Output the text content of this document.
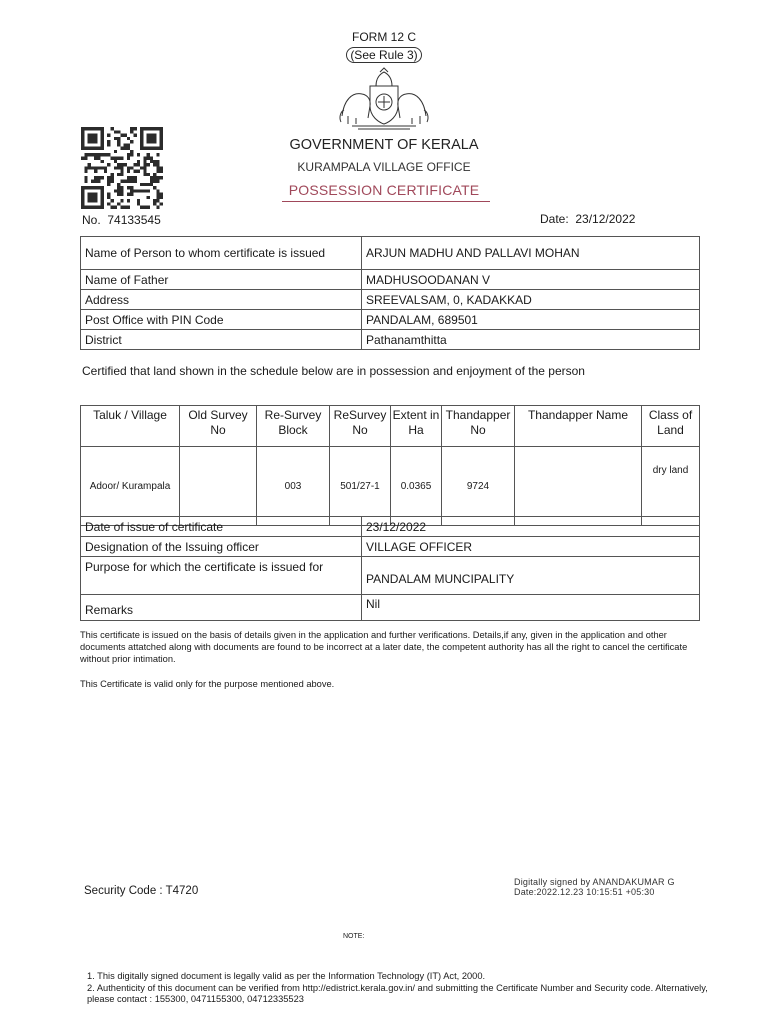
FORM 12 C
(See Rule 3)
GOVERNMENT OF KERALA
KURAMPALA VILLAGE OFFICE
POSSESSION CERTIFICATE
No. 74133545	Date: 23/12/2022
Name of Person to whom certificate is issued	ARJUN MADHU AND PALLAVI MOHAN
Name of Father	MADHUSOODANAN V
Address	SREEVALSAM, 0, KADAKKAD
Post Office with PIN Code	PANDALAM, 689501
District	Pathanamthitta
Certified that land shown in the schedule below are in possession and enjoyment of the person
Taluk / Village	Old Survey No	Re-Survey Block	ReSurvey No	Extent in Ha	Thandapper No	Thandapper Name	Class of Land
Adoor/ Kurampala		003	501/27-1	0.0365	9724		dry land
Date of issue of certificate	23/12/2022
Designation of the Issuing officer	VILLAGE OFFICER
Purpose for which the certificate is issued for	PANDALAM MUNCIPALITY
Remarks	Nil
This certificate is issued on the basis of details given in the application and further verifications. Details,if any, given in the application and other documents attatched along with documents are found to be incorrect at a later date, the competent authority has all the right to cancel the certificate without prior intimation.
This Certificate is valid only for the purpose mentioned above.
Security Code : T4720
Digitally signed by ANANDAKUMAR G
Date:2022.12.23 10:15:51 +05:30
NOTE:
1. This digitally signed document is legally valid as per the Information Technology (IT) Act, 2000.
2. Authenticity of this document can be verified from http://edistrict.kerala.gov.in/ and submitting the Certificate Number and Security code. Alternatively, please contact : 155300, 0471155300, 04712335523
